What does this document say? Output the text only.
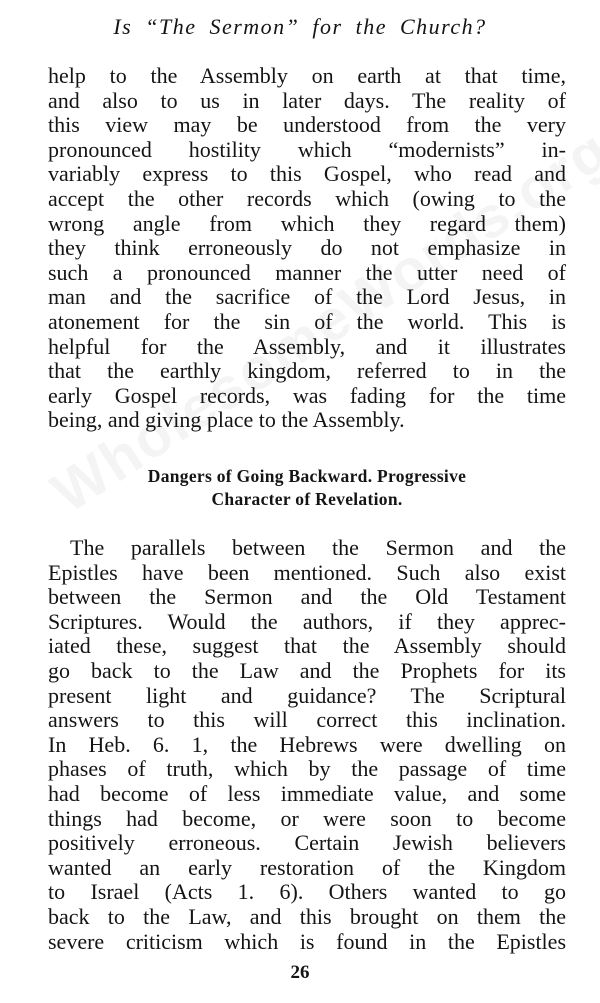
Is “The Sermon” for the Church?
help to the Assembly on earth at that time,
and also to us in later days. The reality of
this view may be understood from the very
pronounced hostility which “modernists” in-
variably express to this Gospel, who read and
accept the other records which (owing to the
wrong angle from which they regard them)
they think erroneously do not emphasize in
such a pronounced manner the utter need of
man and the sacrifice of the Lord Jesus, in
atonement for the sin of the world. This is
helpful for the Assembly, and it illustrates
that the earthly kingdom, referred to in the
early Gospel records, was fading for the time
being, and giving place to the Assembly.
Dangers of Going Backward. Progressive
Character of Revelation.
The parallels between the Sermon and the
Epistles have been mentioned. Such also exist
between the Sermon and the Old Testament
Scriptures. Would the authors, if they apprec-
iated these, suggest that the Assembly should
go back to the Law and the Prophets for its
present light and guidance? The Scriptural
answers to this will correct this inclination.
In Heb. 6. 1, the Hebrews were dwelling on
phases of truth, which by the passage of time
had become of less immediate value, and some
things had become, or were soon to become
positively erroneous. Certain Jewish believers
wanted an early restoration of the Kingdom
to Israel (Acts 1. 6). Others wanted to go
back to the Law, and this brought on them the
severe criticism which is found in the Epistles
26
